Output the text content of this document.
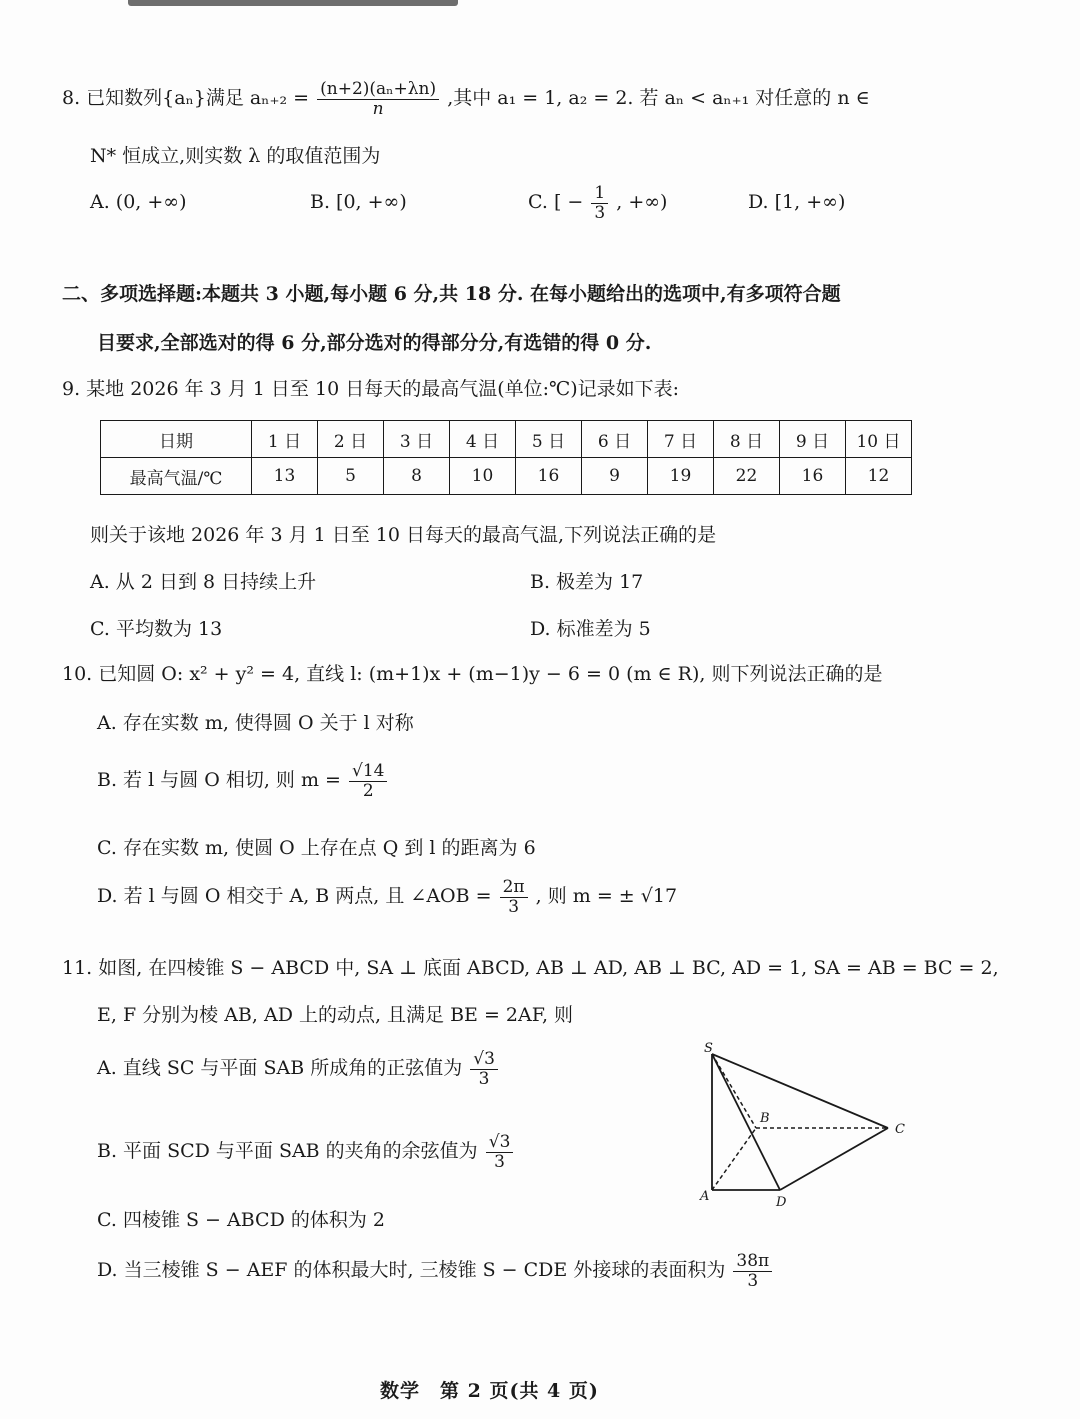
8. 已知数列{aₙ}满足 $a_{n+2} = \frac{\text{(n+2)(aₙ+λn)}}{n}$ ,其中 a₁ = 1, a₂ = 2. 若 aₙ < aₙ₊₁ 对任意的 n ∈
N* 恒成立,则实数 λ 的取值范围为
A. (0, +∞)	B. [0, +∞)	C. [ − $\frac{1}{3}$ , +∞)	D. [1, +∞)
二、多项选择题:本题共 3 小题,每小题 6 分,共 18 分. 在每小题给出的选项中,有多项符合题
目要求,全部选对的得 6 分,部分选对的得部分分,有选错的得 0 分.
9. 某地 2026 年 3 月 1 日至 10 日每天的最高气温(单位:℃)记录如下表:
日期	1 日	2 日	3 日	4 日	5 日	6 日	7 日	8 日	9 日	10 日
最高气温/℃	13	5	8	10	16	9	19	22	16	12
则关于该地 2026 年 3 月 1 日至 10 日每天的最高气温,下列说法正确的是
A. 从 2 日到 8 日持续上升	B. 极差为 17
C. 平均数为 13	D. 标准差为 5
10. 已知圆 O: x² + y² = 4, 直线 l: (m+1)x + (m−1)y − 6 = 0 (m ∈ R), 则下列说法正确的是
A. 存在实数 m, 使得圆 O 关于 l 对称
B. 若 l 与圆 O 相切, 则 $m = \frac{√14}{2}$
C. 存在实数 m, 使圆 O 上存在点 Q 到 l 的距离为 6
D. 若 l 与圆 O 相交于 A, B 两点, 且 ∠AOB = $\frac{2\pi}{3}$ , 则 m = ± √17
11. 如图, 在四棱锥 S − ABCD 中, SA ⊥ 底面 ABCD, AB ⊥ AD, AB ⊥ BC, AD = 1, SA = AB = BC = 2,
E, F 分别为棱 AB, AD 上的动点, 且满足 BE = 2AF, 则
A. 直线 SC 与平面 SAB 所成角的正弦值为 $\frac{√3}{3}$
B. 平面 SCD 与平面 SAB 的夹角的余弦值为 $\frac{√3}{3}$
C. 四棱锥 S − ABCD 的体积为 2
D. 当三棱锥 S − AEF 的体积最大时, 三棱锥 S − CDE 外接球的表面积为 $\frac{38\pi}{3}$
S
A
B
C
D
数学　第 2 页(共 4 页)
